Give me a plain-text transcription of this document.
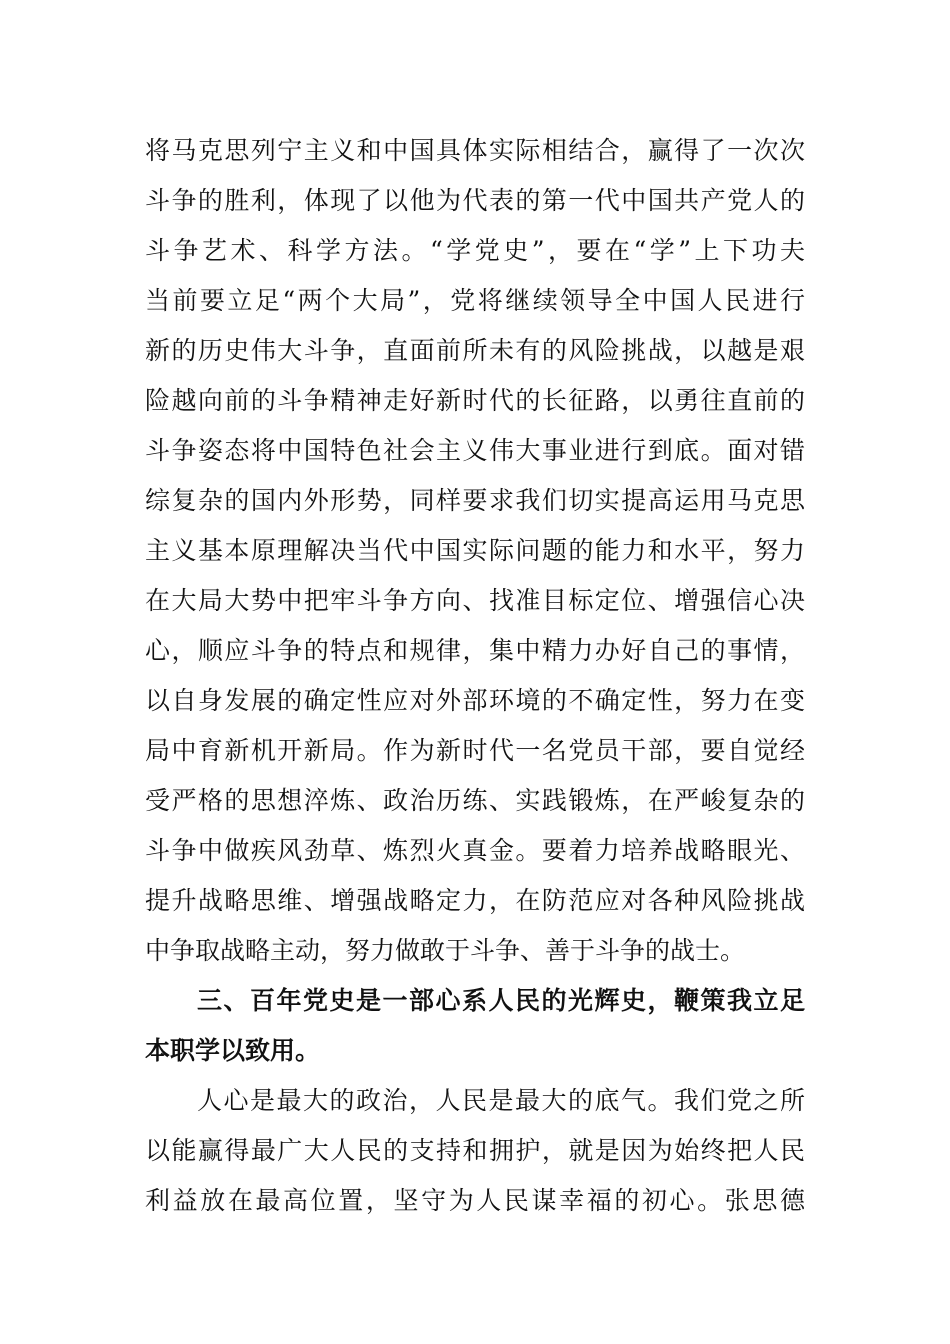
将马克思列宁主义和中国具体实际相结合，赢得了一次次
斗争的胜利，体现了以他为代表的第一代中国共产党人的
斗争艺术、科学方法。“学党史”，要在“学”上下功夫
当前要立足“两个大局”，党将继续领导全中国人民进行
新的历史伟大斗争，直面前所未有的风险挑战，以越是艰
险越向前的斗争精神走好新时代的长征路，以勇往直前的
斗争姿态将中国特色社会主义伟大事业进行到底。面对错
综复杂的国内外形势，同样要求我们切实提高运用马克思
主义基本原理解决当代中国实际问题的能力和水平，努力
在大局大势中把牢斗争方向、找准目标定位、增强信心决
心，顺应斗争的特点和规律，集中精力办好自己的事情，
以自身发展的确定性应对外部环境的不确定性，努力在变
局中育新机开新局。作为新时代一名党员干部，要自觉经
受严格的思想淬炼、政治历练、实践锻炼，在严峻复杂的
斗争中做疾风劲草、炼烈火真金。要着力培养战略眼光、
提升战略思维、增强战略定力，在防范应对各种风险挑战
中争取战略主动，努力做敢于斗争、善于斗争的战士。
三、百年党史是一部心系人民的光辉史，鞭策我立足
本职学以致用。
人心是最大的政治，人民是最大的底气。我们党之所
以能赢得最广大人民的支持和拥护，就是因为始终把人民
利益放在最高位置，坚守为人民谋幸福的初心。张思德
